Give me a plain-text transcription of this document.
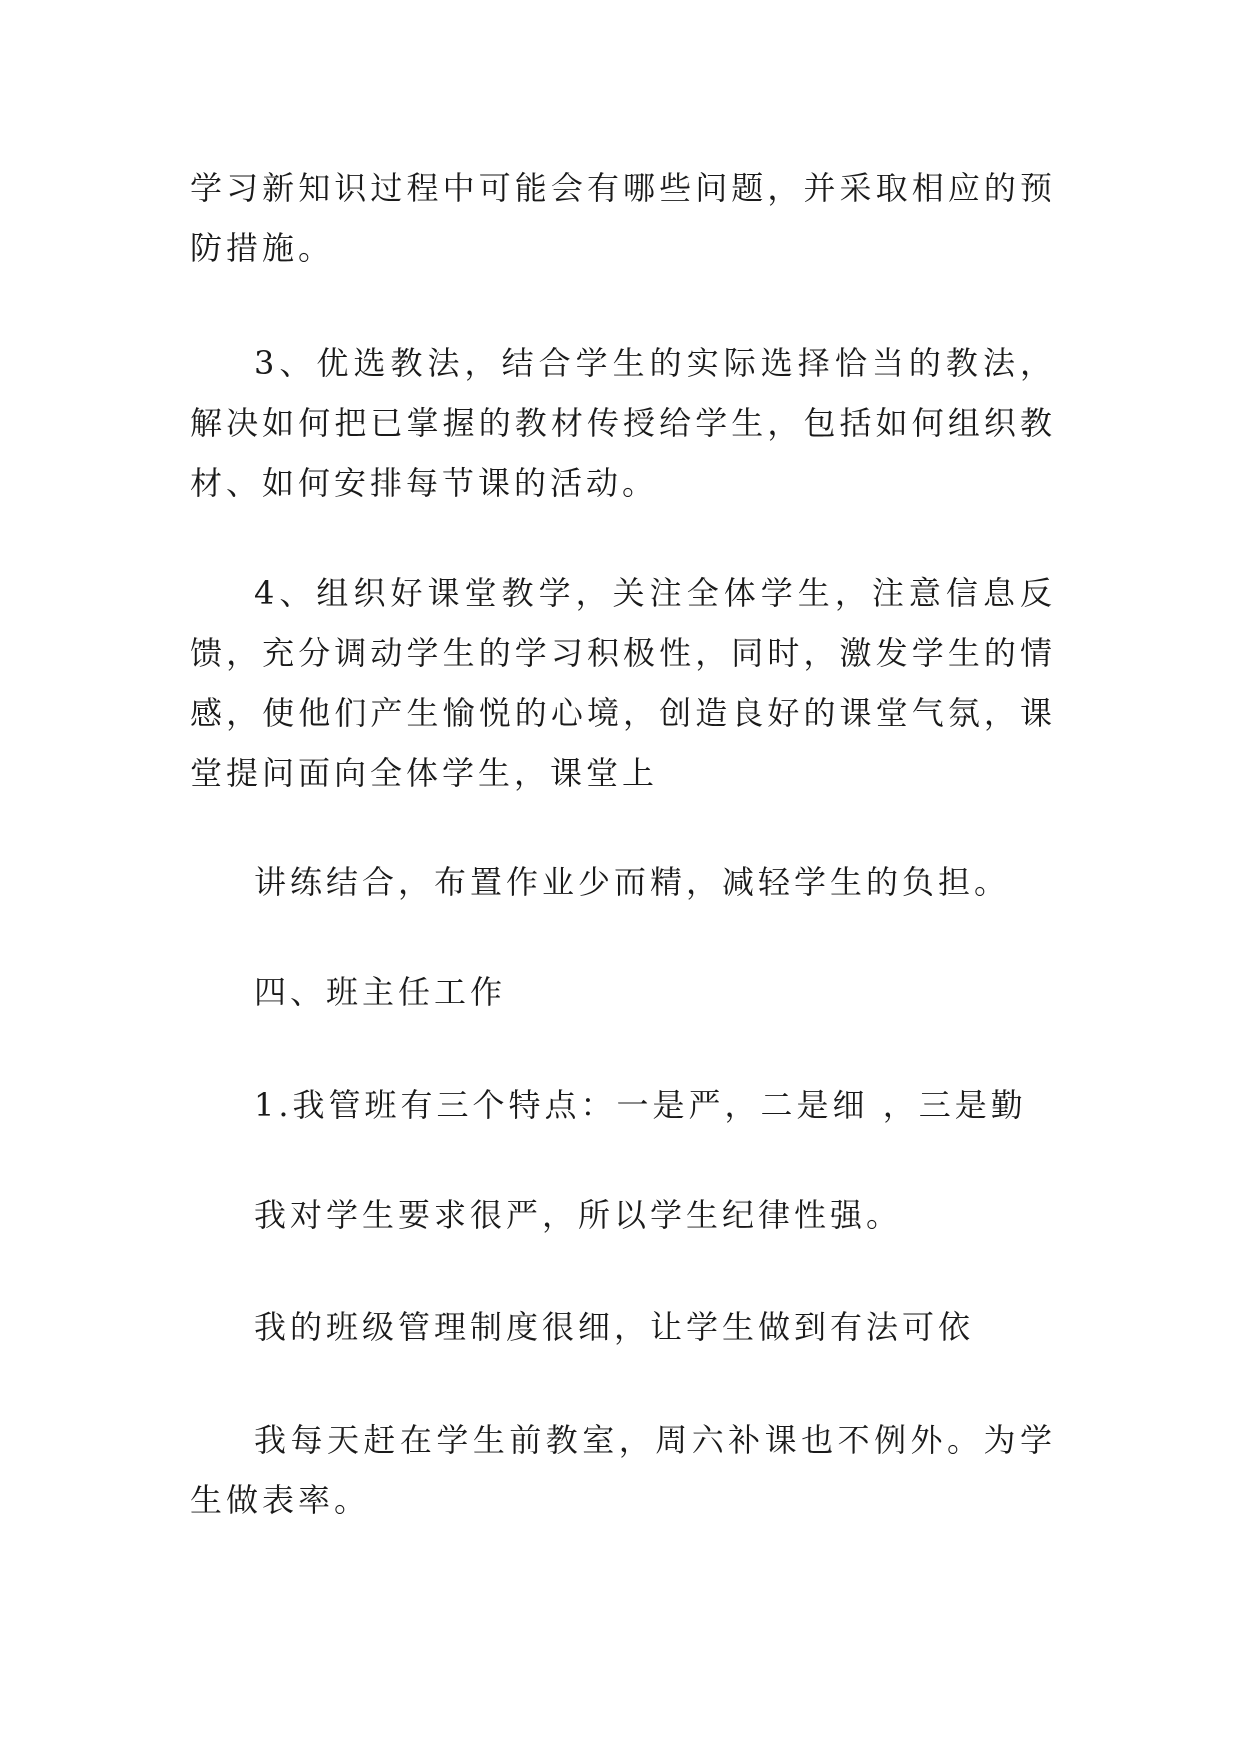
学习新知识过程中可能会有哪些问题，并采取相应的预防措施。

3、优选教法，结合学生的实际选择恰当的教法，解决如何把已掌握的教材传授给学生，包括如何组织教材、如何安排每节课的活动。

4、组织好课堂教学，关注全体学生，注意信息反馈，充分调动学生的学习积极性，同时，激发学生的情感，使他们产生愉悦的心境，创造良好的课堂气氛，课堂提问面向全体学生，课堂上

讲练结合，布置作业少而精，减轻学生的负担。

四、班主任工作

1.我管班有三个特点：一是严，二是细 ，三是勤

我对学生要求很严，所以学生纪律性强。

我的班级管理制度很细，让学生做到有法可依

我每天赶在学生前教室，周六补课也不例外。为学生做表率。
